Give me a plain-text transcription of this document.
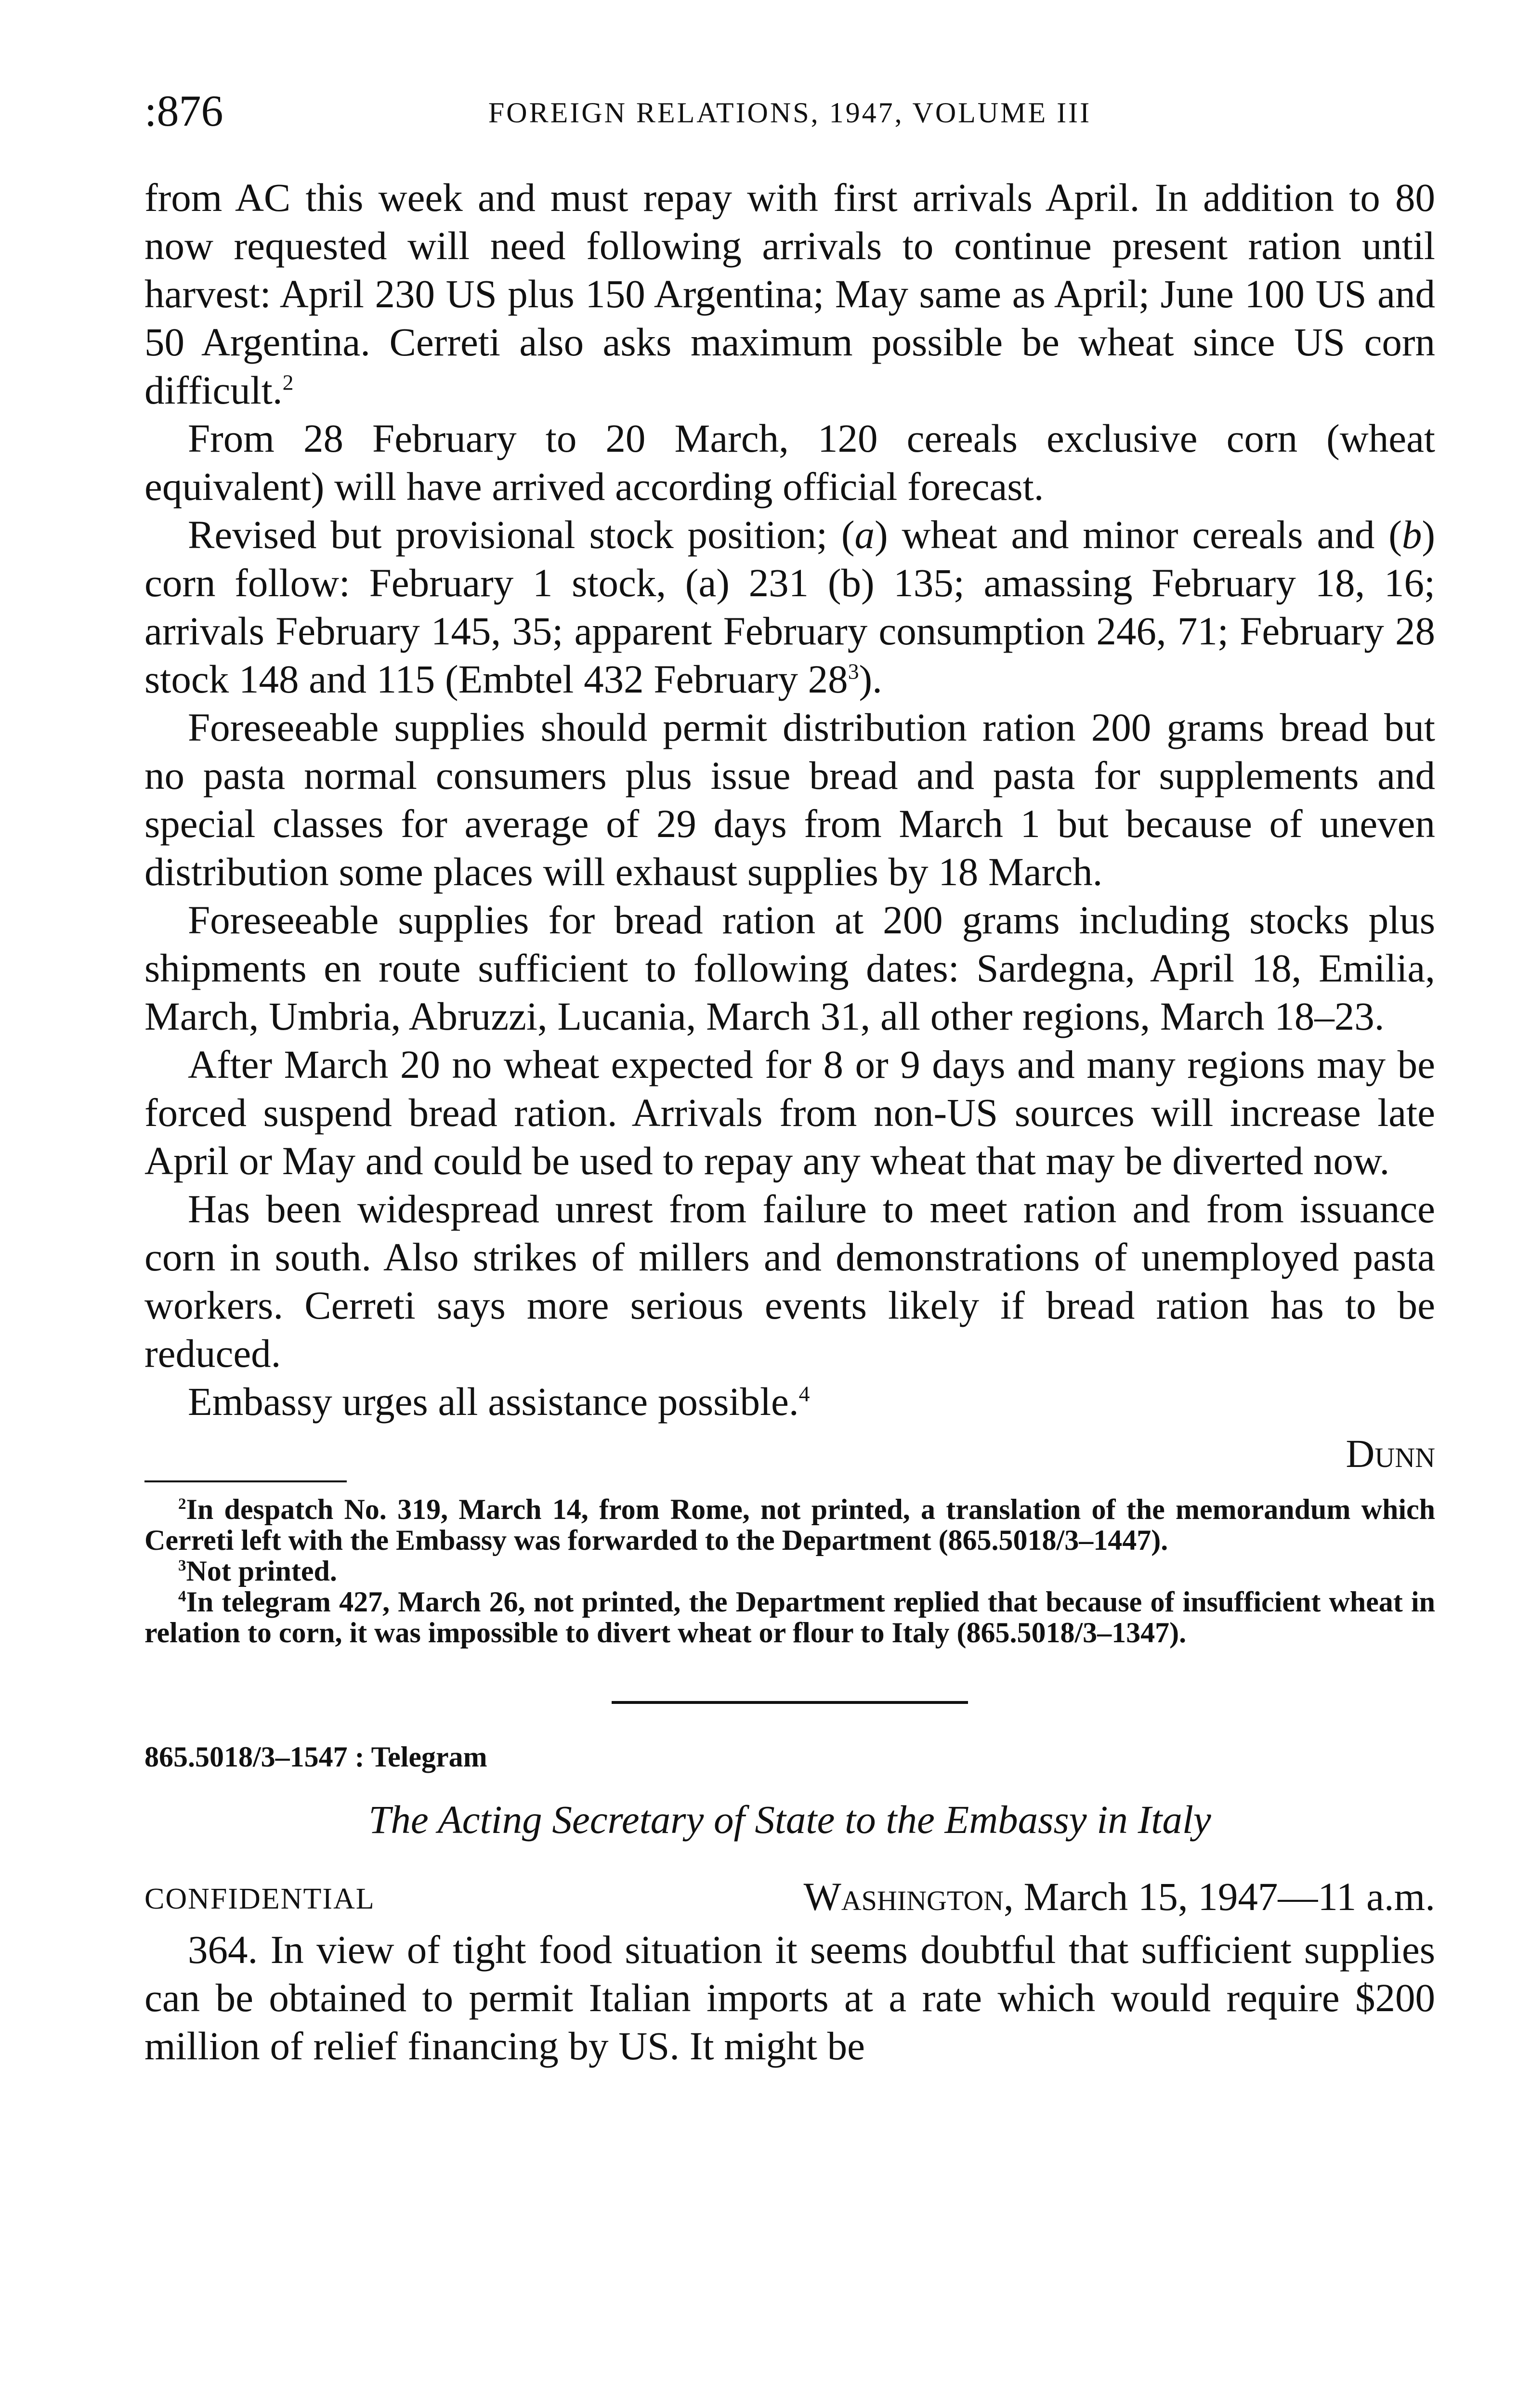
:876	FOREIGN RELATIONS, 1947, VOLUME III

from AC this week and must repay with first arrivals April. In addition to 80 now requested will need following arrivals to continue present ration until harvest: April 230 US plus 150 Argentina; May same as April; June 100 US and 50 Argentina. Cerreti also asks maximum possible be wheat since US corn difficult.$^2$

From 28 February to 20 March, 120 cereals exclusive corn (wheat equivalent) will have arrived according official forecast.

Revised but provisional stock position; (a) wheat and minor cereals and (b) corn follow: February 1 stock, (a) 231 (b) 135; amassing February 18, 16; arrivals February 145, 35; apparent February consumption 246, 71; February 28 stock 148 and 115 (Embtel 432 February $28^3$).

Foreseeable supplies should permit distribution ration 200 grams bread but no pasta normal consumers plus issue bread and pasta for supplements and special classes for average of 29 days from March 1 but because of uneven distribution some places will exhaust supplies by 18 March.

Foreseeable supplies for bread ration at 200 grams including stocks plus shipments en route sufficient to following dates: Sardegna, April 18, Emilia, March, Umbria, Abruzzi, Lucania, March 31, all other regions, March 18–23.

After March 20 no wheat expected for 8 or 9 days and many regions may be forced suspend bread ration. Arrivals from non-US sources will increase late April or May and could be used to repay any wheat that may be diverted now.

Has been widespread unrest from failure to meet ration and from issuance corn in south. Also strikes of millers and demonstrations of unemployed pasta workers. Cerreti says more serious events likely if bread ration has to be reduced.

Embassy urges all assistance possible.$^4$

Dunn

$^2$In despatch No. 319, March 14, from Rome, not printed, a translation of the memorandum which Cerreti left with the Embassy was forwarded to the Department (865.5018/3–1447).

$^3$Not printed.

$^4$In telegram 427, March 26, not printed, the Department replied that because of insufficient wheat in relation to corn, it was impossible to divert wheat or flour to Italy (865.5018/3–1347).

865.5018/3–1547 : Telegram

The Acting Secretary of State to the Embassy in Italy

CONFIDENTIAL	Washington, March 15, 1947—11 a.m.

364. In view of tight food situation it seems doubtful that sufficient supplies can be obtained to permit Italian imports at a rate which would require $200 million of relief financing by US. It might be
